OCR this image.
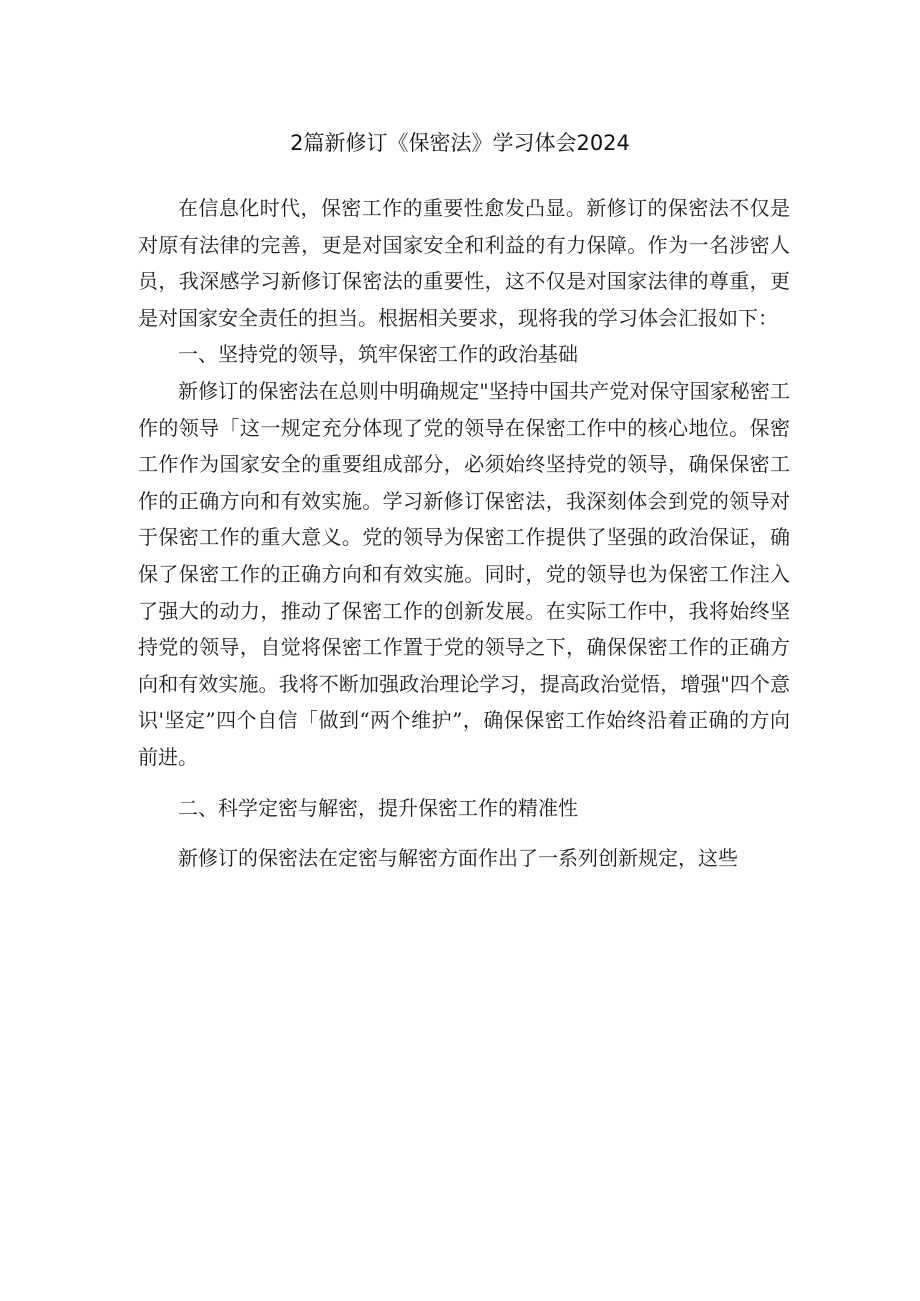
2篇新修订《保密法》学习体会2024

在信息化时代，保密工作的重要性愈发凸显。新修订的保密法不仅是对原有法律的完善，更是对国家安全和利益的有力保障。作为一名涉密人员，我深感学习新修订保密法的重要性，这不仅是对国家法律的尊重，更是对国家安全责任的担当。根据相关要求，现将我的学习体会汇报如下：

一、坚持党的领导，筑牢保密工作的政治基础

新修订的保密法在总则中明确规定"坚持中国共产党对保守国家秘密工作的领导「这一规定充分体现了党的领导在保密工作中的核心地位。保密工作作为国家安全的重要组成部分，必须始终坚持党的领导，确保保密工作的正确方向和有效实施。学习新修订保密法，我深刻体会到党的领导对于保密工作的重大意义。党的领导为保密工作提供了坚强的政治保证，确保了保密工作的正确方向和有效实施。同时，党的领导也为保密工作注入了强大的动力，推动了保密工作的创新发展。在实际工作中，我将始终坚持党的领导，自觉将保密工作置于党的领导之下，确保保密工作的正确方向和有效实施。我将不断加强政治理论学习，提高政治觉悟，增强"四个意识'坚定”四个自信「做到“两个维护”，确保保密工作始终沿着正确的方向前进。

二、科学定密与解密，提升保密工作的精准性

新修订的保密法在定密与解密方面作出了一系列创新规定，这些
